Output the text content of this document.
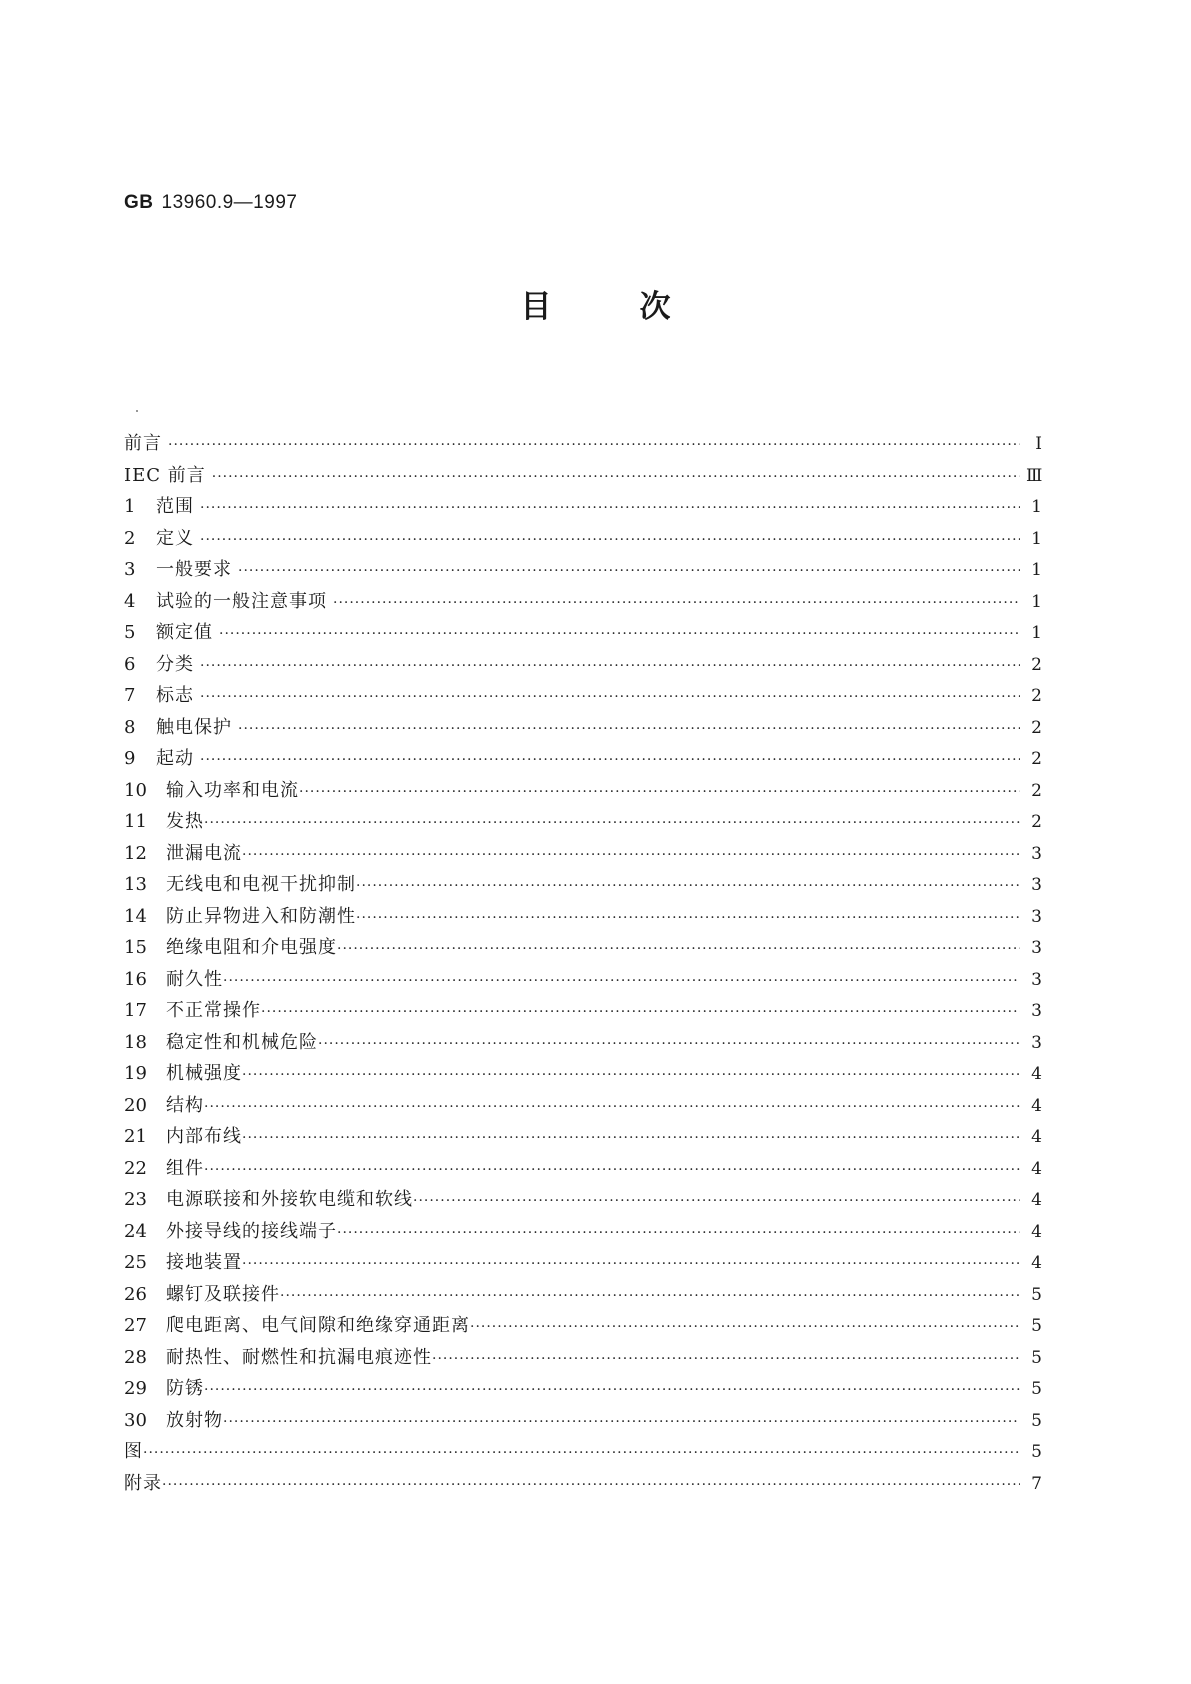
GB 13960.9—1997
目次
前言 ·····	Ⅰ
IEC 前言 ·····	Ⅲ
1	范围 ·····	1
2	定义 ·····	1
3	一般要求 ·····	1
4	试验的一般注意事项 ·····	1
5	额定值 ·····	1
6	分类 ·····	2
7	标志 ·····	2
8	触电保护 ·····	2
9	起动 ·····	2
10	输入功率和电流 ·····	2
11	发热 ·····	2
12	泄漏电流 ·····	3
13	无线电和电视干扰抑制 ·····	3
14	防止异物进入和防潮性 ·····	3
15	绝缘电阻和介电强度 ·····	3
16	耐久性 ·····	3
17	不正常操作 ·····	3
18	稳定性和机械危险 ·····	3
19	机械强度 ·····	4
20	结构 ·····	4
21	内部布线 ·····	4
22	组件 ·····	4
23	电源联接和外接软电缆和软线 ·····	4
24	外接导线的接线端子 ·····	4
25	接地装置 ·····	4
26	螺钉及联接件 ·····	5
27	爬电距离、电气间隙和绝缘穿通距离 ·····	5
28	耐热性、耐燃性和抗漏电痕迹性 ·····	5
29	防锈 ·····	5
30	放射物 ·····	5
图 ·····	5
附录 ·····	7
